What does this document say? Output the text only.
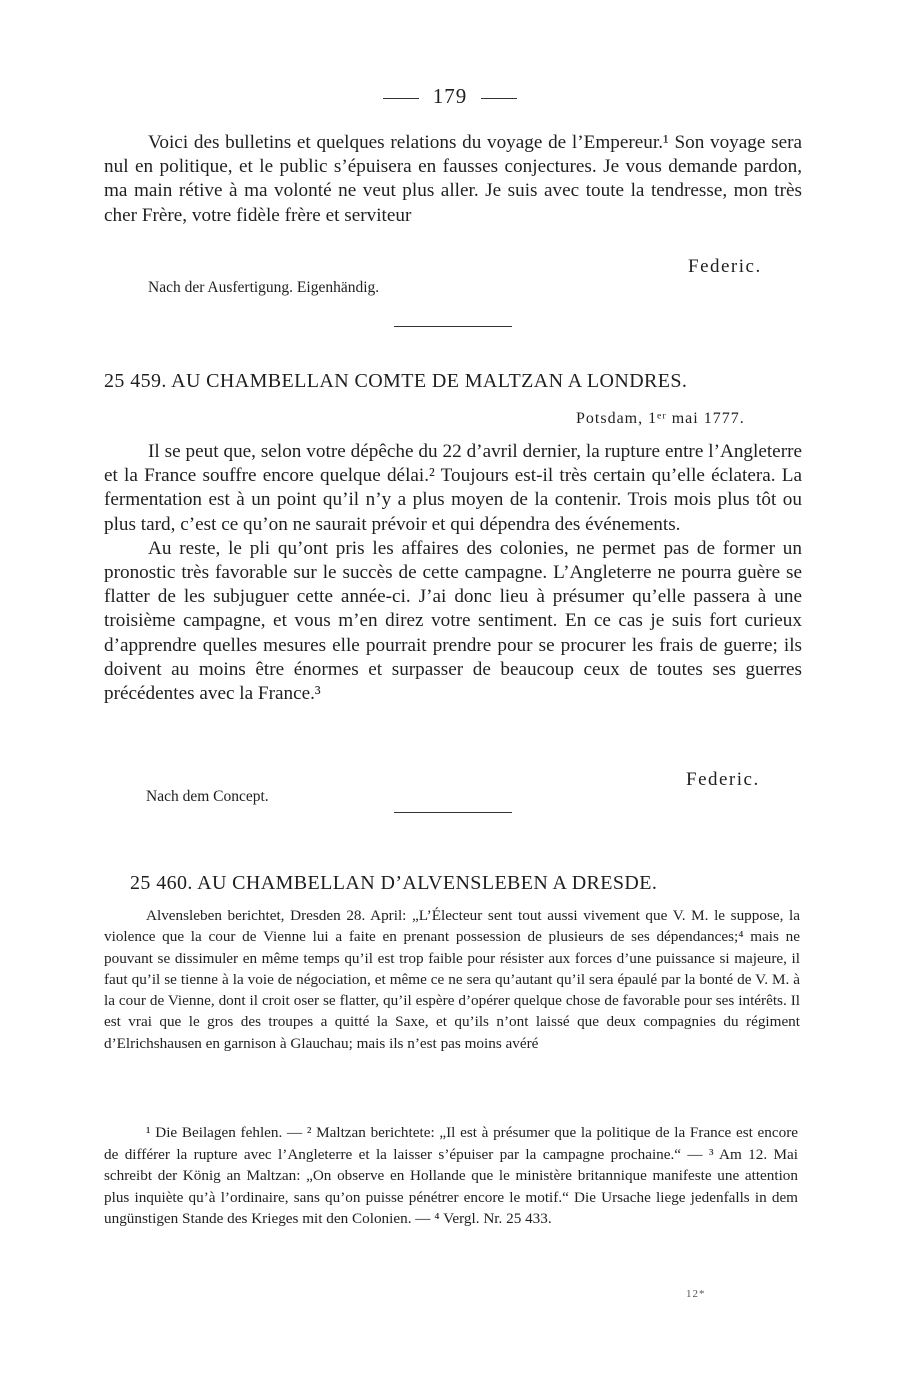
179

Voici des bulletins et quelques relations du voyage de l’Empereur.¹ Son voyage sera nul en politique, et le public s’épuisera en fausses conjectures. Je vous demande pardon, ma main rétive à ma volonté ne veut plus aller. Je suis avec toute la tendresse, mon très cher Frère, votre fidèle frère et serviteur

Federic.
Nach der Ausfertigung. Eigenhändig.
25 459. AU CHAMBELLAN COMTE DE MALTZAN A LONDRES.
Potsdam, 1ᵉʳ mai 1777.

Il se peut que, selon votre dépêche du 22 d’avril dernier, la rupture entre l’Angleterre et la France souffre encore quelque délai.² Toujours est-il très certain qu’elle éclatera. La fermentation est à un point qu’il n’y a plus moyen de la contenir. Trois mois plus tôt ou plus tard, c’est ce qu’on ne saurait prévoir et qui dépendra des événements.

Au reste, le pli qu’ont pris les affaires des colonies, ne permet pas de former un pronostic très favorable sur le succès de cette campagne. L’Angleterre ne pourra guère se flatter de les subjuguer cette année-ci. J’ai donc lieu à présumer qu’elle passera à une troisième campagne, et vous m’en direz votre sentiment. En ce cas je suis fort curieux d’apprendre quelles mesures elle pourrait prendre pour se procurer les frais de guerre; ils doivent au moins être énormes et surpasser de beaucoup ceux de toutes ses guerres précédentes avec la France.³

Federic.
Nach dem Concept.
25 460. AU CHAMBELLAN D’ALVENSLEBEN A DRESDE.

Alvensleben berichtet, Dresden 28. April: „L’Électeur sent tout aussi vivement que V. M. le suppose, la violence que la cour de Vienne lui a faite en prenant possession de plusieurs de ses dépendances;⁴ mais ne pouvant se dissimuler en même temps qu’il est trop faible pour résister aux forces d’une puissance si majeure, il faut qu’il se tienne à la voie de négociation, et même ce ne sera qu’autant qu’il sera épaulé par la bonté de V. M. à la cour de Vienne, dont il croit oser se flatter, qu’il espère d’opérer quelque chose de favorable pour ses intérêts. Il est vrai que le gros des troupes a quitté la Saxe, et qu’ils n’ont laissé que deux compagnies du régiment d’Elrichshausen en garnison à Glauchau; mais ils n’est pas moins avéré

¹ Die Beilagen fehlen. — ² Maltzan berichtete: „Il est à présumer que la politique de la France est encore de différer la rupture avec l’Angleterre et la laisser s’épuiser par la campagne prochaine.“ — ³ Am 12. Mai schreibt der König an Maltzan: „On observe en Hollande que le ministère britannique manifeste une attention plus inquiète qu’à l’ordinaire, sans qu’on puisse pénétrer encore le motif.“ Die Ursache liege jedenfalls in dem ungünstigen Stande des Krieges mit den Colonien. — ⁴ Vergl. Nr. 25 433.

12*
